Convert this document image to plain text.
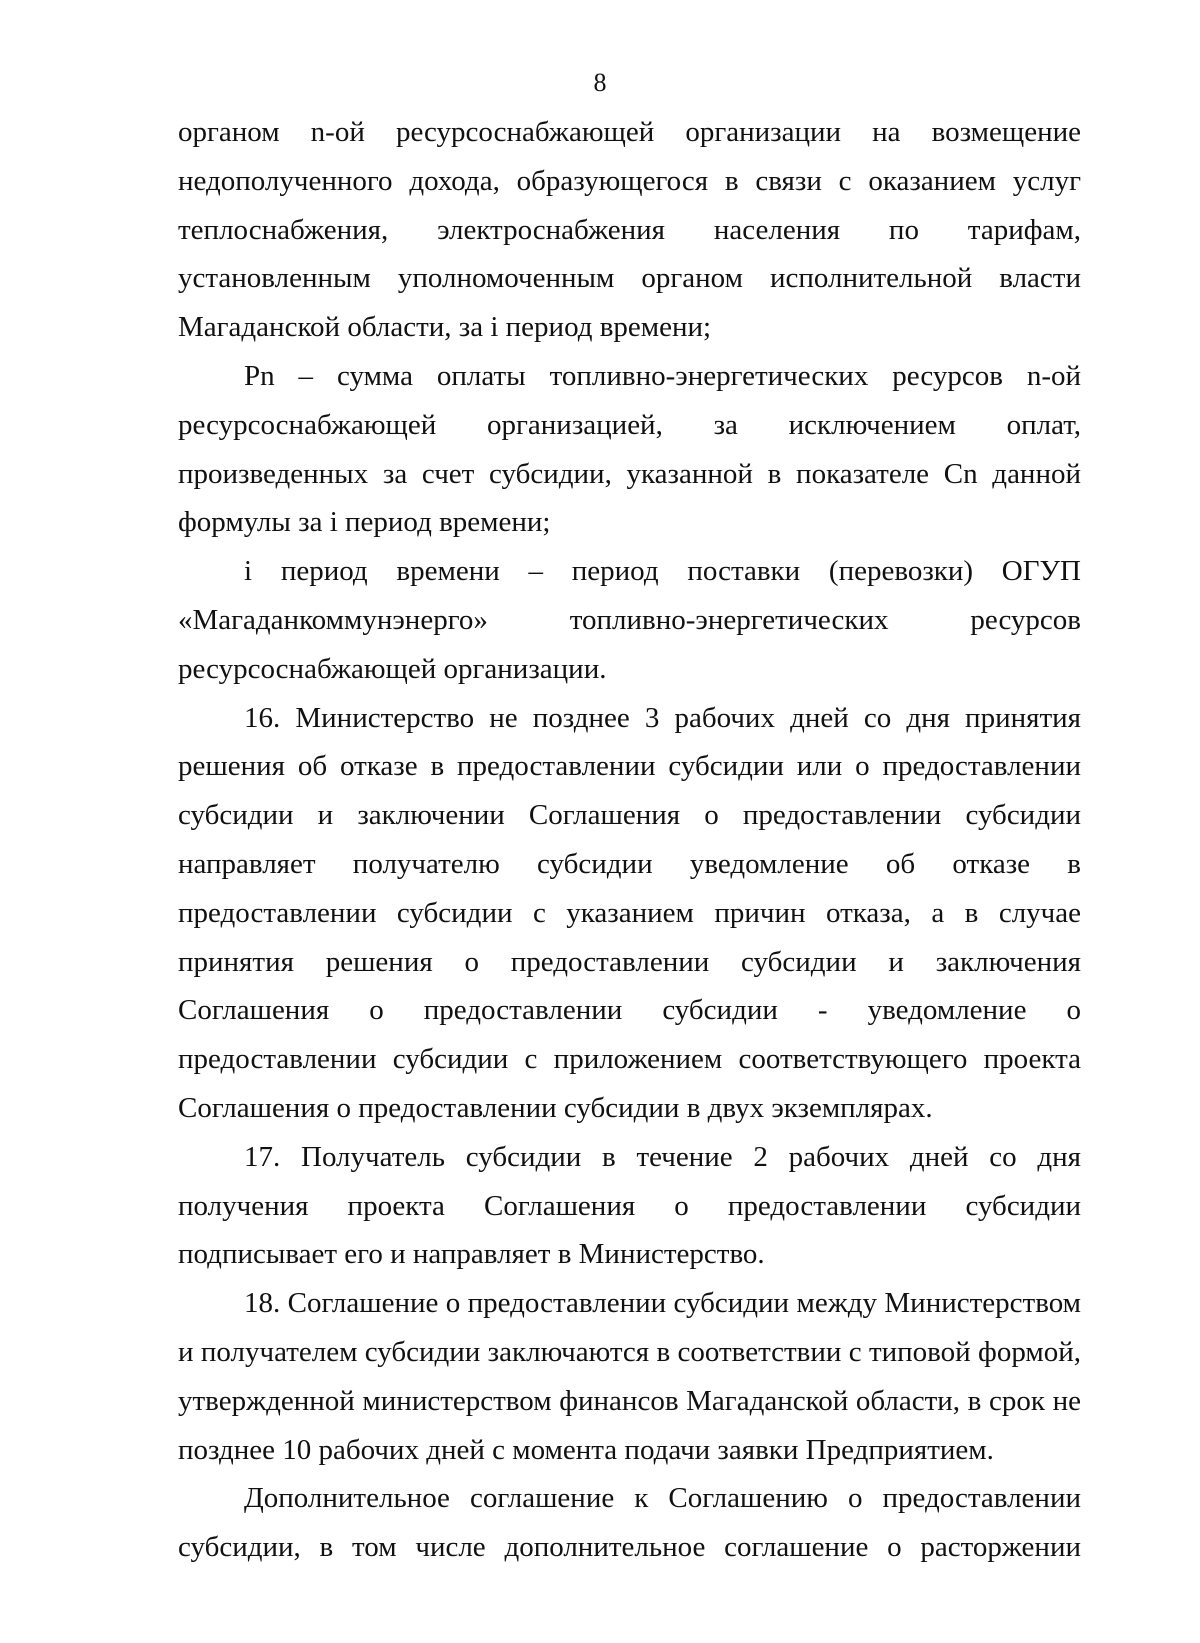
8

органом n-ой ресурсоснабжающей организации на возмещение недополученного дохода, образующегося в связи с оказанием услуг теплоснабжения, электроснабжения населения по тарифам, установленным уполномоченным органом исполнительной власти Магаданской области, за i период времени;

Pn – сумма оплаты топливно-энергетических ресурсов n-ой ресурсоснабжающей организацией, за исключением оплат, произведенных за счет субсидии, указанной в показателе Cn данной формулы за i период времени;

i период времени – период поставки (перевозки) ОГУП «Магаданкоммунэнерго» топливно-энергетических ресурсов ресурсоснабжающей организации.

16. Министерство не позднее 3 рабочих дней со дня принятия решения об отказе в предоставлении субсидии или о предоставлении субсидии и заключении Соглашения о предоставлении субсидии направляет получателю субсидии уведомление об отказе в предоставлении субсидии с указанием причин отказа, а в случае принятия решения о предоставлении субсидии и заключения Соглашения о предоставлении субсидии - уведомление о предоставлении субсидии с приложением соответствующего проекта Соглашения о предоставлении субсидии в двух экземплярах.

17. Получатель субсидии в течение 2 рабочих дней со дня получения проекта Соглашения о предоставлении субсидии подписывает его и направляет в Министерство.

18. Соглашение о предоставлении субсидии между Министерством и получателем субсидии заключаются в соответствии с типовой формой, утвержденной министерством финансов Магаданской области, в срок не позднее 10 рабочих дней с момента подачи заявки Предприятием.

Дополнительное соглашение к Соглашению о предоставлении субсидии, в том числе дополнительное соглашение о расторжении
